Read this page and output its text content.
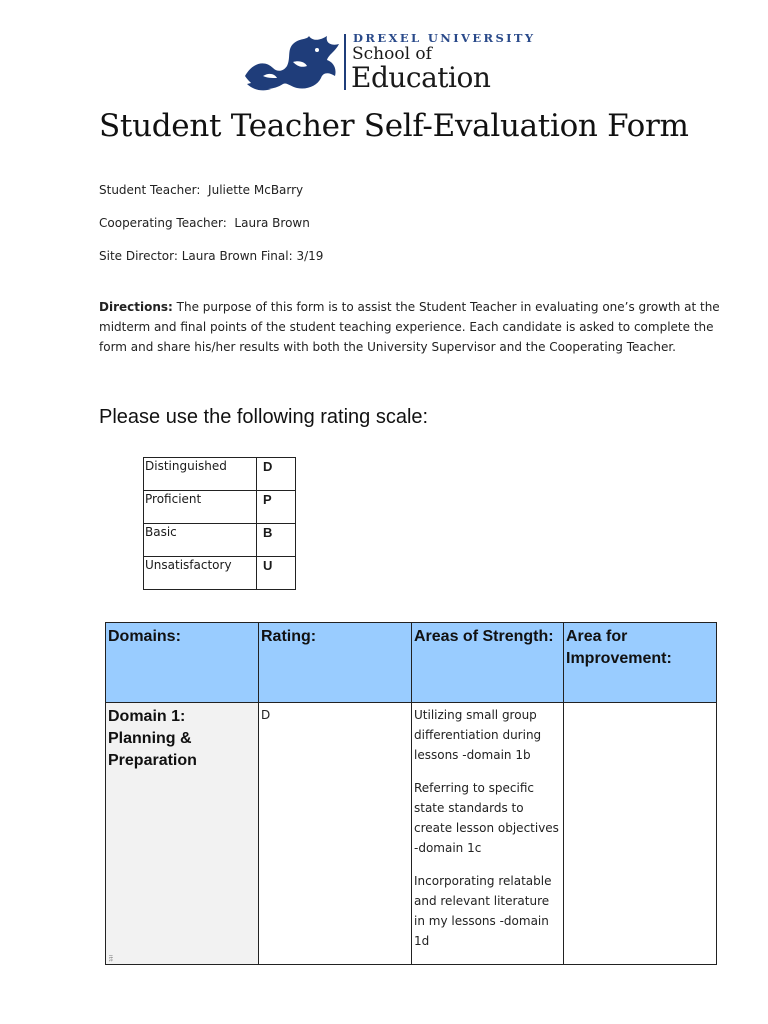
DREXEL UNIVERSITY
School of
Education
Student Teacher Self-Evaluation Form
Student Teacher:  Juliette McBarry
Cooperating Teacher:  Laura Brown
Site Director: Laura Brown Final: 3/19
Directions: The purpose of this form is to assist the Student Teacher in evaluating one’s growth at the midterm and final points of the student teaching experience. Each candidate is asked to complete the form and share his/her results with both the University Supervisor and the Cooperating Teacher.
Please use the following rating scale:
Distinguished	D
Proficient	P
Basic	B
Unsatisfactory	U
Domains:	Rating:	Areas of Strength:	Area for Improvement:
Domain 1: Planning & Preparation	D	Utilizing small group differentiation during lessons -domain 1b

Referring to specific state standards to create lesson objectives -domain 1c

Incorporating relatable and relevant literature in my lessons -domain 1d	

ⁱᵗᵗ
